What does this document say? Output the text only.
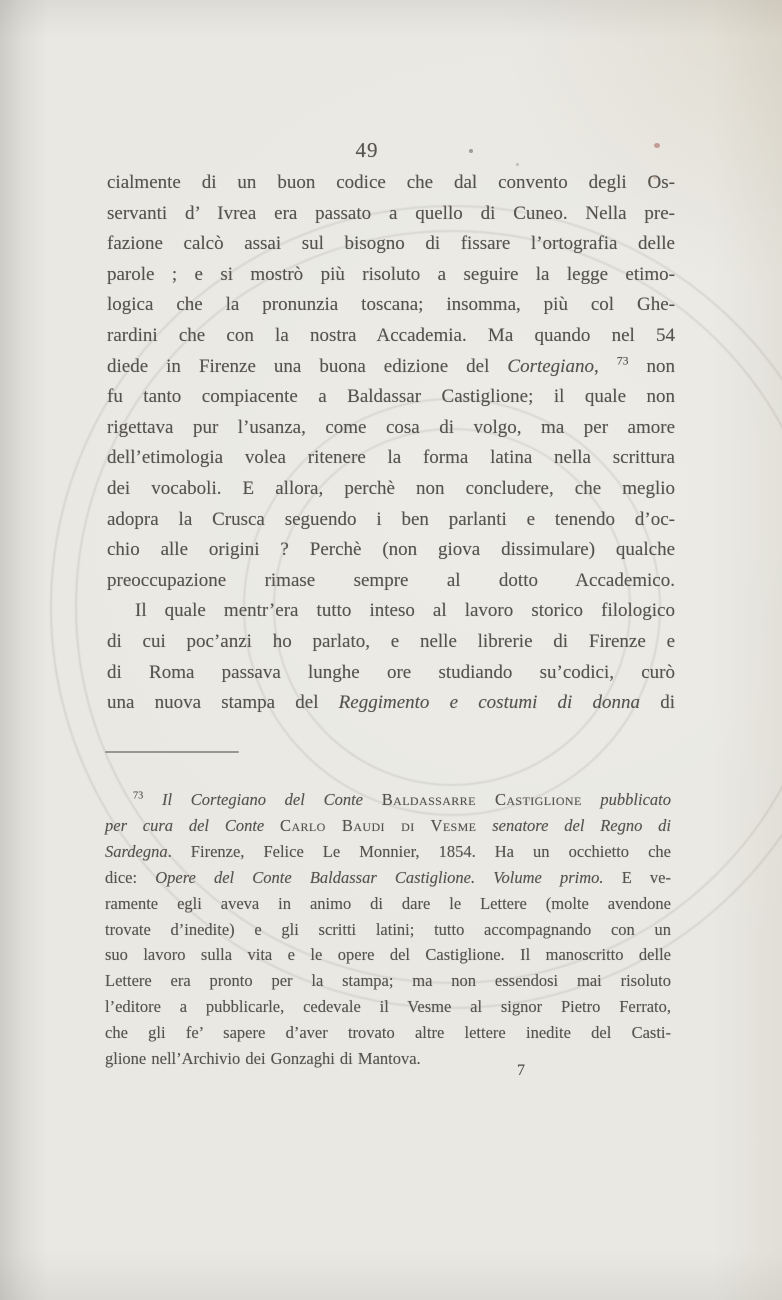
49
cialmente di un buon codice che dal convento degli Os-
servanti d’ Ivrea era passato a quello di Cuneo. Nella pre-
fazione calcò assai sul bisogno di fissare l’ortografia delle
parole ; e si mostrò più risoluto a seguire la legge etimo-
logica che la pronunzia toscana; insomma, più col Ghe-
rardini che con la nostra Accademia. Ma quando nel 54
diede in Firenze una buona edizione del Cortegiano, $^{73}$ non
fu tanto compiacente a Baldassar Castiglione; il quale non
rigettava pur l’usanza, come cosa di volgo, ma per amore
dell’etimologia volea ritenere la forma latina nella scrittura
dei vocaboli. E allora, perchè non concludere, che meglio
adopra la Crusca seguendo i ben parlanti e tenendo d’oc-
chio alle origini ? Perchè (non giova dissimulare) qualche
preoccupazione rimase sempre al dotto Accademico.
Il quale mentr’era tutto inteso al lavoro storico filologico
di cui poc’anzi ho parlato, e nelle librerie di Firenze e
di Roma passava lunghe ore studiando su’codici, curò
una nuova stampa del Reggimento e costumi di donna di
$^{73}$ Il Cortegiano del Conte Baldassarre Castiglione pubblicato
per cura del Conte Carlo Baudi di Vesme senatore del Regno di
Sardegna. Firenze, Felice Le Monnier, 1854. Ha un occhietto che
dice: Opere del Conte Baldassar Castiglione. Volume primo. E ve-
ramente egli aveva in animo di dare le Lettere (molte avendone
trovate d’inedite) e gli scritti latini; tutto accompagnando con un
suo lavoro sulla vita e le opere del Castiglione. Il manoscritto delle
Lettere era pronto per la stampa; ma non essendosi mai risoluto
l’editore a pubblicarle, cedevale il Vesme al signor Pietro Ferrato,
che gli fe’ sapere d’aver trovato altre lettere inedite del Casti-
glione nell’Archivio dei Gonzaghi di Mantova.
7
